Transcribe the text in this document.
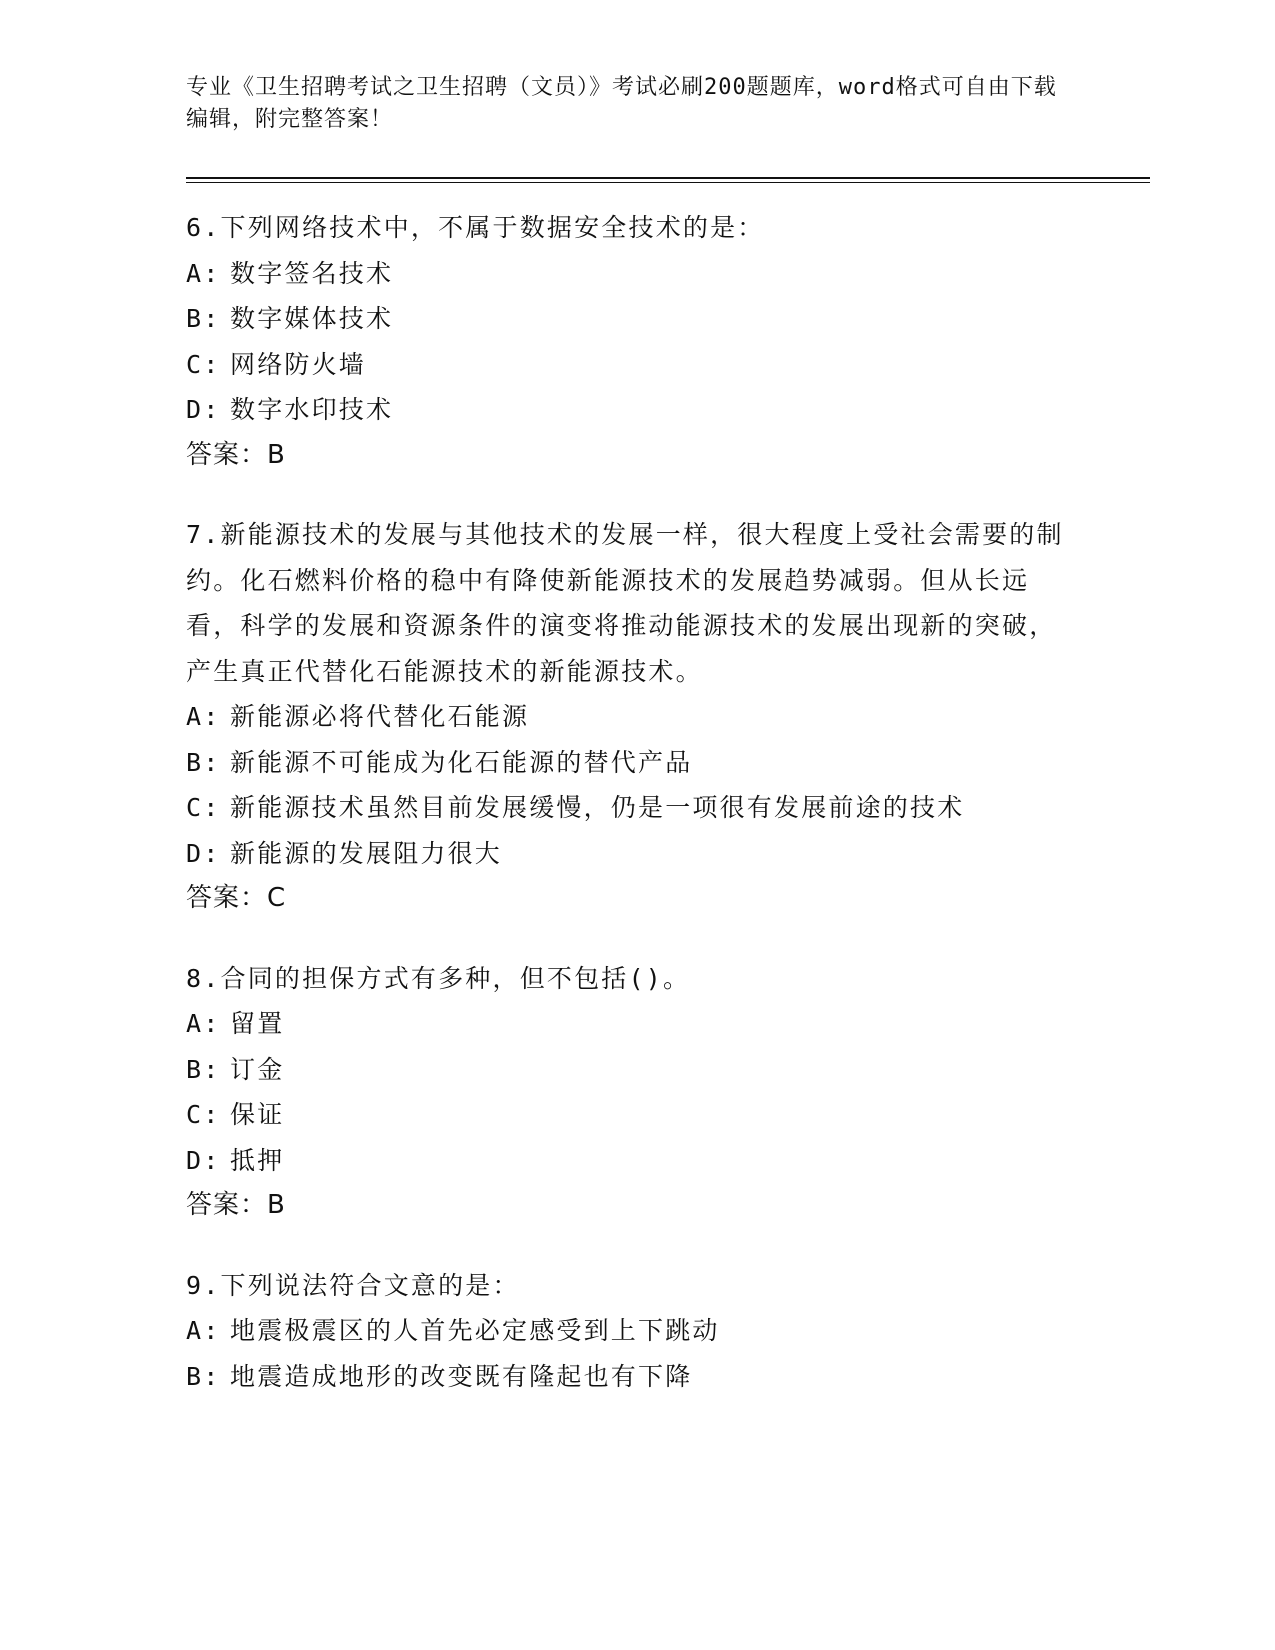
专业《卫生招聘考试之卫生招聘（文员）》考试必刷200题题库，word格式可自由下载编辑，附完整答案！

6.下列网络技术中，不属于数据安全技术的是：

A: 数字签名技术

B: 数字媒体技术

C: 网络防火墙

D: 数字水印技术

答案：B

7.新能源技术的发展与其他技术的发展一样，很大程度上受社会需要的制约。化石燃料价格的稳中有降使新能源技术的发展趋势减弱。但从长远看，科学的发展和资源条件的演变将推动能源技术的发展出现新的突破，产生真正代替化石能源技术的新能源技术。

A: 新能源必将代替化石能源

B: 新能源不可能成为化石能源的替代产品

C: 新能源技术虽然目前发展缓慢，仍是一项很有发展前途的技术

D: 新能源的发展阻力很大

答案：C

8.合同的担保方式有多种，但不包括()。

A: 留置

B: 订金

C: 保证

D: 抵押

答案：B

9.下列说法符合文意的是：

A: 地震极震区的人首先必定感受到上下跳动

B: 地震造成地形的改变既有隆起也有下降
